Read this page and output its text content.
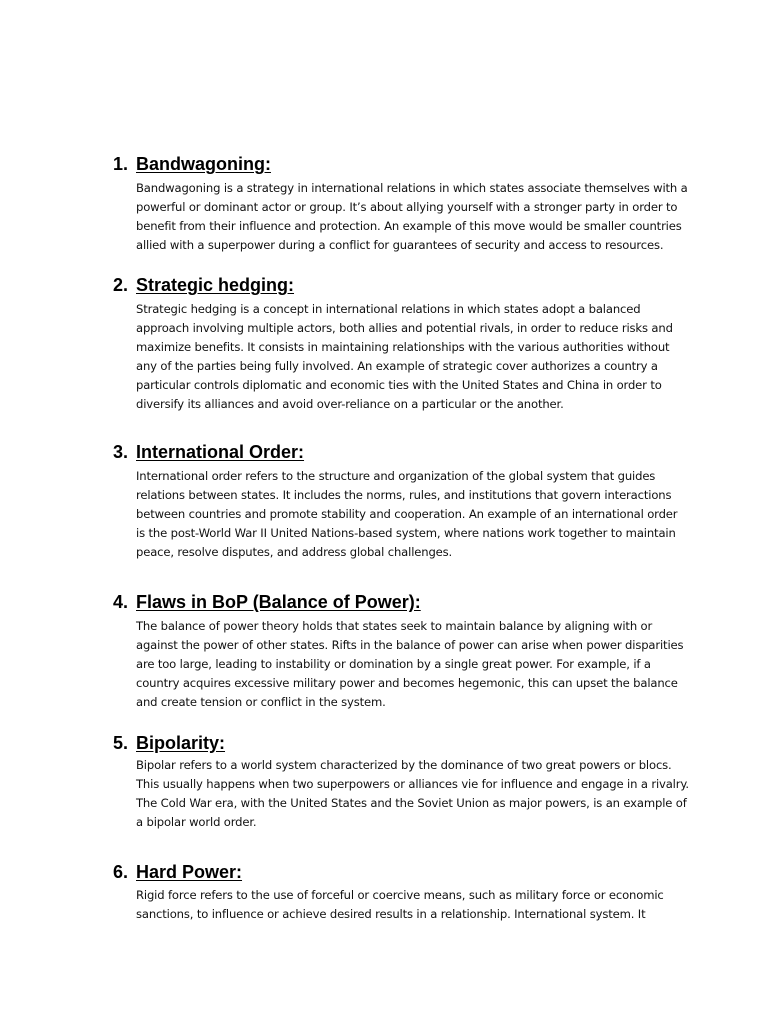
1. Bandwagoning:
Bandwagoning is a strategy in international relations in which states associate themselves with a
powerful or dominant actor or group. It’s about allying yourself with a stronger party in order to
benefit from their influence and protection. An example of this move would be smaller countries
allied with a superpower during a conflict for guarantees of security and access to resources.
2. Strategic hedging:
Strategic hedging is a concept in international relations in which states adopt a balanced
approach involving multiple actors, both allies and potential rivals, in order to reduce risks and
maximize benefits. It consists in maintaining relationships with the various authorities without
any of the parties being fully involved. An example of strategic cover authorizes a country a
particular controls diplomatic and economic ties with the United States and China in order to
diversify its alliances and avoid over-reliance on a particular or the another.
3. International Order:
International order refers to the structure and organization of the global system that guides
relations between states. It includes the norms, rules, and institutions that govern interactions
between countries and promote stability and cooperation. An example of an international order
is the post-World War II United Nations-based system, where nations work together to maintain
peace, resolve disputes, and address global challenges.
4. Flaws in BoP (Balance of Power):
The balance of power theory holds that states seek to maintain balance by aligning with or
against the power of other states. Rifts in the balance of power can arise when power disparities
are too large, leading to instability or domination by a single great power. For example, if a
country acquires excessive military power and becomes hegemonic, this can upset the balance
and create tension or conflict in the system.
5. Bipolarity:
Bipolar refers to a world system characterized by the dominance of two great powers or blocs.
This usually happens when two superpowers or alliances vie for influence and engage in a rivalry.
The Cold War era, with the United States and the Soviet Union as major powers, is an example of
a bipolar world order.
6. Hard Power:
Rigid force refers to the use of forceful or coercive means, such as military force or economic
sanctions, to influence or achieve desired results in a relationship. International system. It
